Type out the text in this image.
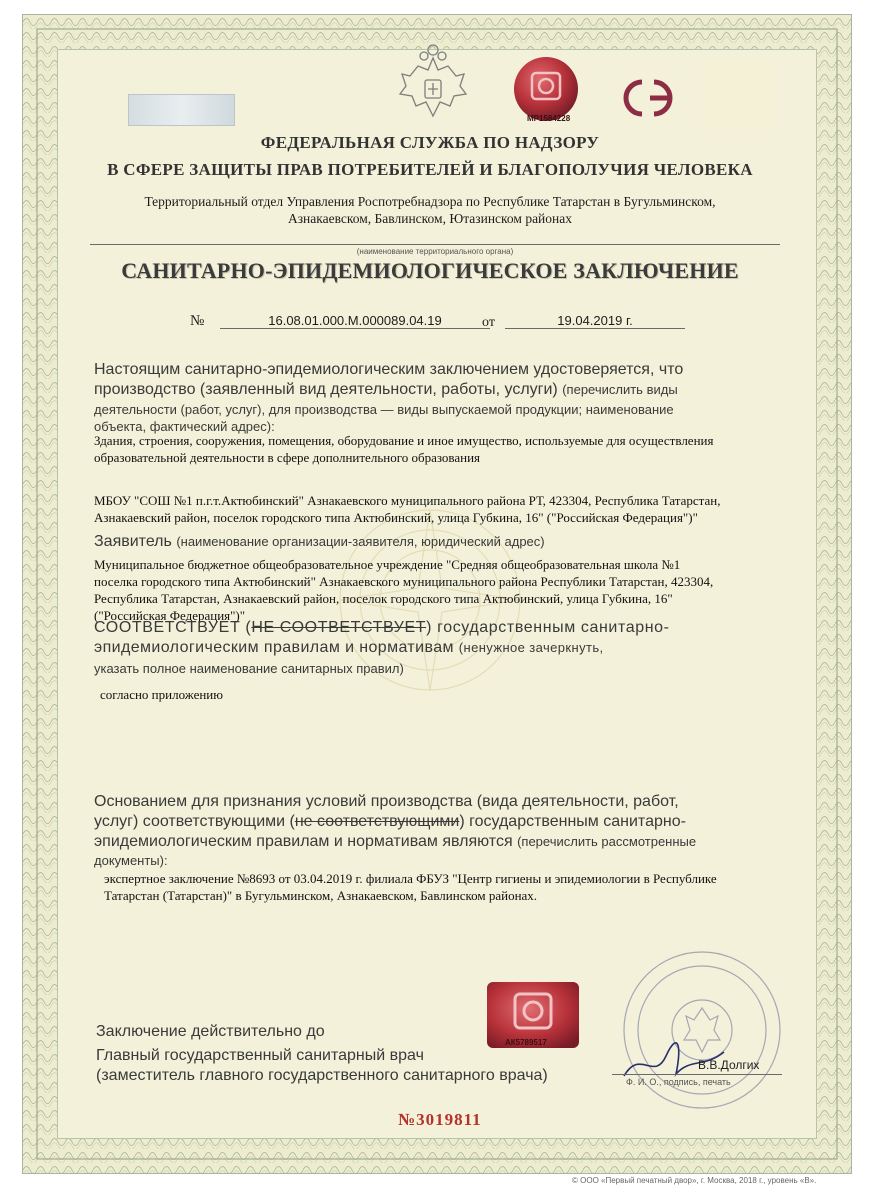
МР1584228
ФЕДЕРАЛЬНАЯ СЛУЖБА ПО НАДЗОРУ
В СФЕРЕ ЗАЩИТЫ ПРАВ ПОТРЕБИТЕЛЕЙ И БЛАГОПОЛУЧИЯ ЧЕЛОВЕКА
Территориальный отдел Управления Роспотребнадзора по Республике Татарстан в Бугульминском,
Азнакаевском, Бавлинском, Ютазинском районах
(наименование территориального органа)
САНИТАРНО-ЭПИДЕМИОЛОГИЧЕСКОЕ ЗАКЛЮЧЕНИЕ
№	16.08.01.000.М.000089.04.19	от	19.04.2019 г.
Настоящим санитарно-эпидемиологическим заключением удостоверяется, что
производство (заявленный вид деятельности, работы, услуги) (перечислить виды
деятельности (работ, услуг), для производства — виды выпускаемой продукции; наименование
объекта, фактический адрес):
Здания, строения, сооружения, помещения, оборудование и иное имущество, используемые для осуществления
образовательной деятельности в сфере дополнительного образования
МБОУ "СОШ №1 п.г.т.Актюбинский" Азнакаевского муниципального района РТ, 423304, Республика Татарстан,
Азнакаевский район, поселок городского типа Актюбинский, улица Губкина, 16" ("Российская Федерация")"
Заявитель (наименование организации-заявителя, юридический адрес)
Муниципальное бюджетное общеобразовательное учреждение "Средняя общеобразовательная школа №1
поселка городского типа Актюбинский" Азнакаевского муниципального района Республики Татарстан, 423304,
Республика Татарстан, Азнакаевский район, поселок городского типа Актюбинский, улица Губкина, 16"
("Российская Федерация")"
СООТВЕТСТВУЕТ (НЕ СООТВЕТСТВУЕТ) государственным санитарно-
эпидемиологическим правилам и нормативам (ненужное зачеркнуть,
указать полное наименование санитарных правил)
согласно приложению
Основанием для признания условий производства (вида деятельности, работ,
услуг) соответствующими (не соответствующими) государственным санитарно-
эпидемиологическим правилам и нормативам являются (перечислить рассмотренные
документы):
экспертное заключение №8693 от 03.04.2019 г. филиала ФБУЗ "Центр гигиены и эпидемиологии в Республике
Татарстан (Татарстан)" в Бугульминском, Азнакаевском, Бавлинском районах.
АК5789517
Заключение действительно до
Главный государственный санитарный врач
(заместитель главного государственного санитарного врача)
В.В.Долгих
Ф. И. О., подпись, печать
№3019811
© ООО «Первый печатный двор», г. Москва, 2018 г., уровень «В».
